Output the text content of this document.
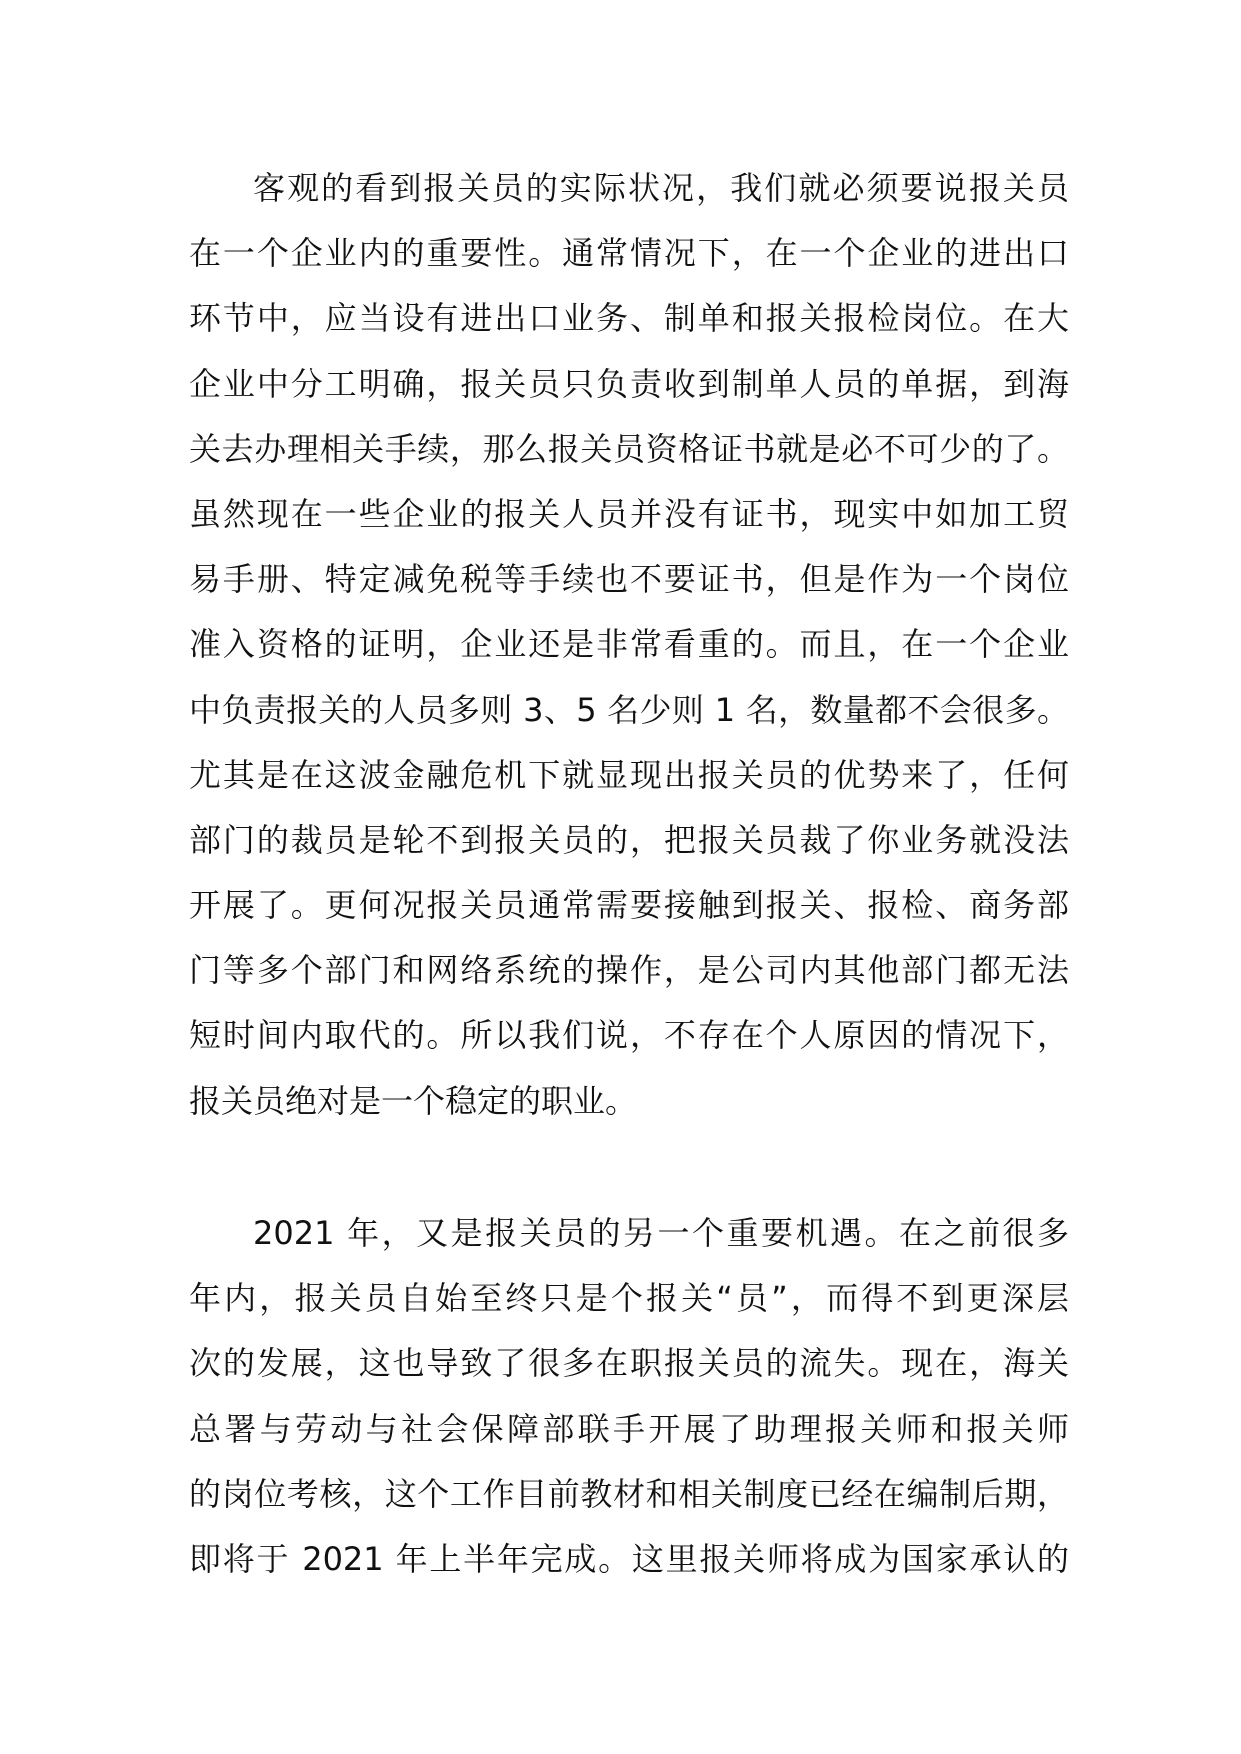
客观的看到报关员的实际状况，我们就必须要说报关员
在一个企业内的重要性。通常情况下，在一个企业的进出口
环节中，应当设有进出口业务、制单和报关报检岗位。在大
企业中分工明确，报关员只负责收到制单人员的单据，到海
关去办理相关手续，那么报关员资格证书就是必不可少的了。
虽然现在一些企业的报关人员并没有证书，现实中如加工贸
易手册、特定减免税等手续也不要证书，但是作为一个岗位
准入资格的证明，企业还是非常看重的。而且，在一个企业
中负责报关的人员多则 3、5 名少则 1 名，数量都不会很多。
尤其是在这波金融危机下就显现出报关员的优势来了，任何
部门的裁员是轮不到报关员的，把报关员裁了你业务就没法
开展了。更何况报关员通常需要接触到报关、报检、商务部
门等多个部门和网络系统的操作，是公司内其他部门都无法
短时间内取代的。所以我们说，不存在个人原因的情况下，
报关员绝对是一个稳定的职业。
2021 年，又是报关员的另一个重要机遇。在之前很多
年内，报关员自始至终只是个报关“员”，而得不到更深层
次的发展，这也导致了很多在职报关员的流失。现在，海关
总署与劳动与社会保障部联手开展了助理报关师和报关师
的岗位考核，这个工作目前教材和相关制度已经在编制后期，
即将于 2021 年上半年完成。这里报关师将成为国家承认的
